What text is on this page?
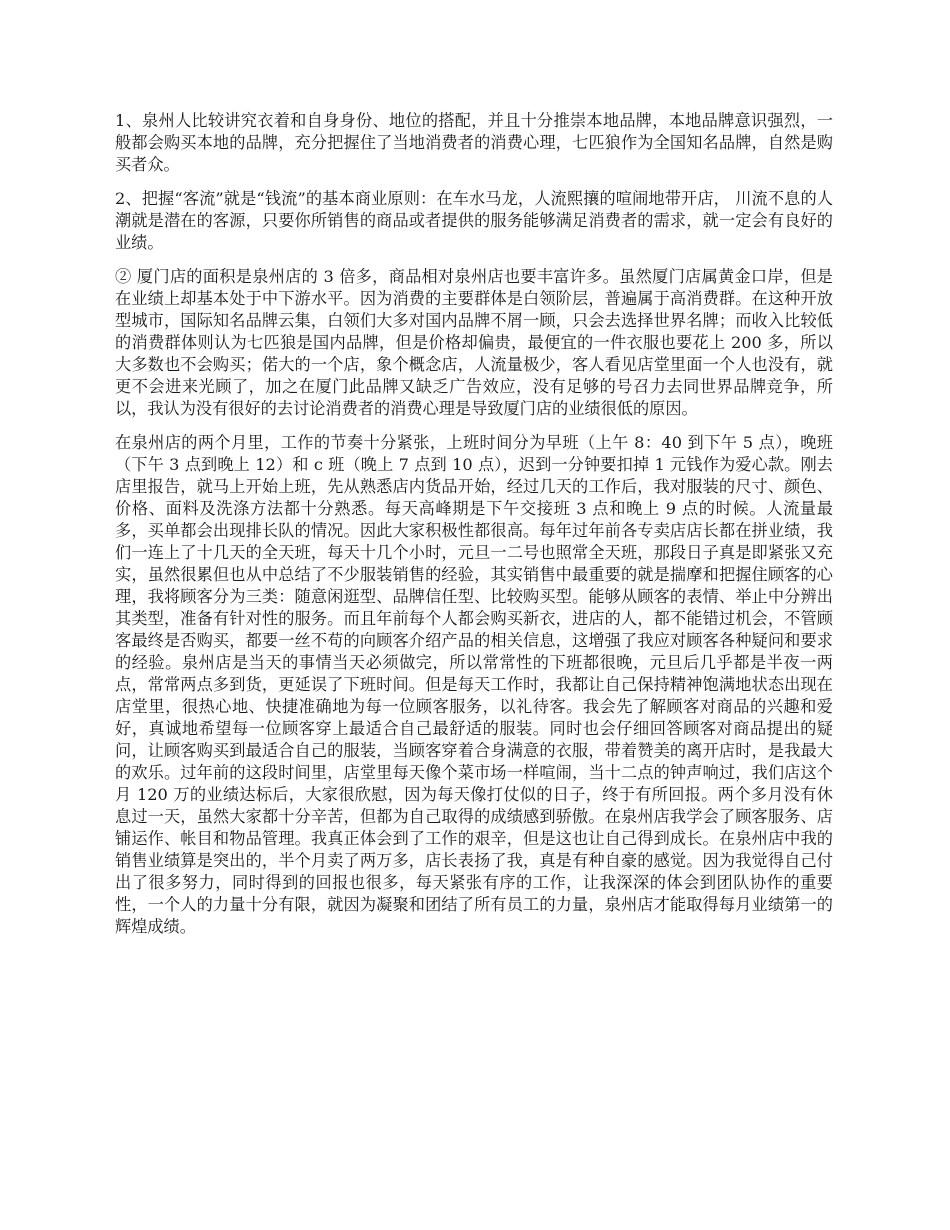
1、泉州人比较讲究衣着和自身身份、地位的搭配，并且十分推崇本地品牌，本地品牌意识强烈，一般都会购买本地的品牌，充分把握住了当地消费者的消费心理，七匹狼作为全国知名品牌，自然是购买者众。

2、把握“客流”就是“钱流”的基本商业原则：在车水马龙，人流熙攘的喧闹地带开店， 川流不息的人潮就是潜在的客源，只要你所销售的商品或者提供的服务能够满足消费者的需求，就一定会有良好的业绩。

② 厦门店的面积是泉州店的 3 倍多，商品相对泉州店也要丰富许多。虽然厦门店属黄金口岸，但是在业绩上却基本处于中下游水平。因为消费的主要群体是白领阶层，普遍属于高消费群。在这种开放型城市，国际知名品牌云集，白领们大多对国内品牌不屑一顾，只会去选择世界名牌；而收入比较低的消费群体则认为七匹狼是国内品牌，但是价格却偏贵，最便宜的一件衣服也要花上 200 多，所以大多数也不会购买；偌大的一个店，象个概念店，人流量极少，客人看见店堂里面一个人也没有，就更不会进来光顾了，加之在厦门此品牌又缺乏广告效应，没有足够的号召力去同世界品牌竞争，所以，我认为没有很好的去讨论消费者的消费心理是导致厦门店的业绩很低的原因。

在泉州店的两个月里，工作的节奏十分紧张，上班时间分为早班（上午 8：40 到下午 5 点），晚班（下午 3 点到晚上 12）和 c 班（晚上 7 点到 10 点），迟到一分钟要扣掉 1 元钱作为爱心款。刚去店里报告，就马上开始上班，先从熟悉店内货品开始，经过几天的工作后，我对服装的尺寸、颜色、价格、面料及洗涤方法都十分熟悉。每天高峰期是下午交接班 3 点和晚上 9 点的时候。人流量最多，买单都会出现排长队的情况。因此大家积极性都很高。每年过年前各专卖店店长都在拼业绩，我们一连上了十几天的全天班，每天十几个小时，元旦一二号也照常全天班，那段日子真是即紧张又充实，虽然很累但也从中总结了不少服装销售的经验，其实销售中最重要的就是揣摩和把握住顾客的心理，我将顾客分为三类：随意闲逛型、品牌信任型、比较购买型。能够从顾客的表情、举止中分辨出其类型，准备有针对性的服务。而且年前每个人都会购买新衣，进店的人，都不能错过机会，不管顾客最终是否购买，都要一丝不苟的向顾客介绍产品的相关信息，这增强了我应对顾客各种疑问和要求的经验。泉州店是当天的事情当天必须做完，所以常常性的下班都很晚，元旦后几乎都是半夜一两点，常常两点多到货，更延误了下班时间。但是每天工作时，我都让自己保持精神饱满地状态出现在店堂里，很热心地、快捷准确地为每一位顾客服务，以礼待客。我会先了解顾客对商品的兴趣和爱好，真诚地希望每一位顾客穿上最适合自己最舒适的服装。同时也会仔细回答顾客对商品提出的疑问，让顾客购买到最适合自己的服装，当顾客穿着合身满意的衣服，带着赞美的离开店时，是我最大的欢乐。过年前的这段时间里，店堂里每天像个菜市场一样喧闹，当十二点的钟声响过，我们店这个月 120 万的业绩达标后，大家很欣慰，因为每天像打仗似的日子，终于有所回报。两个多月没有休息过一天，虽然大家都十分辛苦，但都为自己取得的成绩感到骄傲。在泉州店我学会了顾客服务、店铺运作、帐目和物品管理。我真正体会到了工作的艰辛，但是这也让自己得到成长。在泉州店中我的销售业绩算是突出的，半个月卖了两万多，店长表扬了我，真是有种自豪的感觉。因为我觉得自己付出了很多努力，同时得到的回报也很多，每天紧张有序的工作，让我深深的体会到团队协作的重要性，一个人的力量十分有限，就因为凝聚和团结了所有员工的力量，泉州店才能取得每月业绩第一的辉煌成绩。
